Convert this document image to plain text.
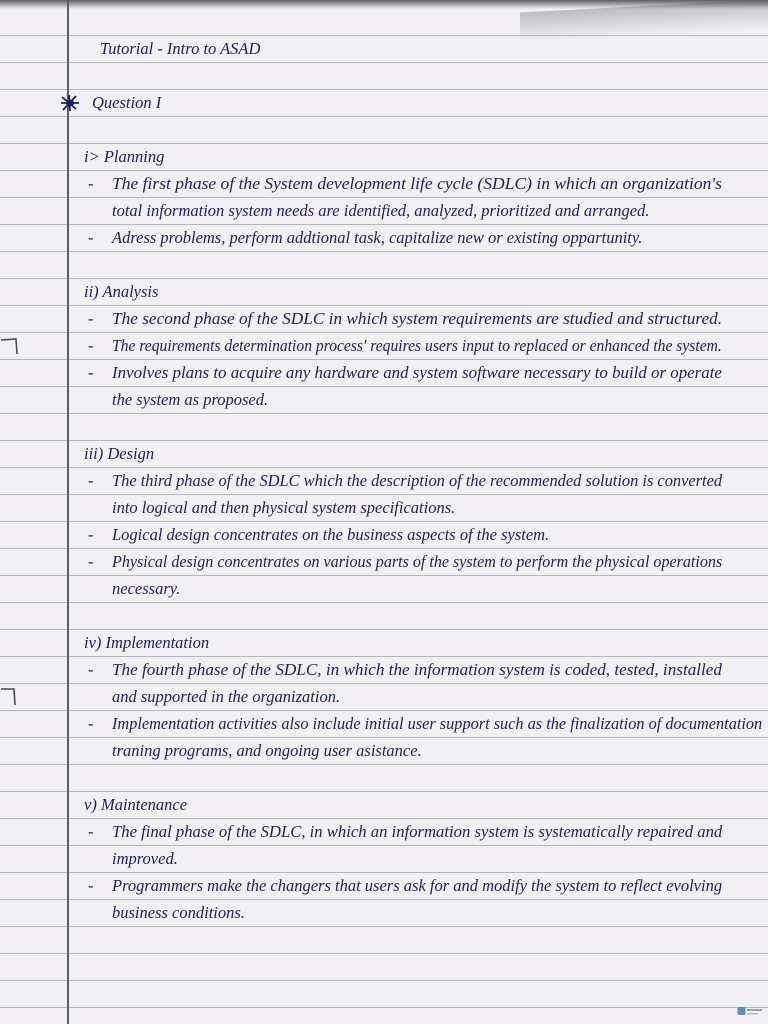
Tutorial - Intro to ASAD
Question I
i> Planning
- The first phase of the System development life cycle (SDLC) in which an organization's
total information system needs are identified, analyzed, prioritized and arranged.
- Adress problems, perform addtional task, capitalize new or existing oppartunity.
ii) Analysis
- The second phase of the SDLC in which system requirements are studied and structured.
- The requirements determination process' requires users input to replaced or enhanced the system.
- Involves plans to acquire any hardware and system software necessary to build or operate
the system as proposed.
iii) Design
- The third phase of the SDLC which the description of the recommended solution is converted
into logical and then physical system specifications.
- Logical design concentrates on the business aspects of the system.
- Physical design concentrates on various parts of the system to perform the physical operations
necessary.
iv) Implementation
- The fourth phase of the SDLC, in which the information system is coded, tested, installed
and supported in the organization.
- Implementation activities also include initial user support such as the finalization of documentation
traning programs, and ongoing user asistance.
v) Maintenance
- The final phase of the SDLC, in which an information system is systematically repaired and
improved.
- Programmers make the changers that users ask for and modify the system to reflect evolving
business conditions.
